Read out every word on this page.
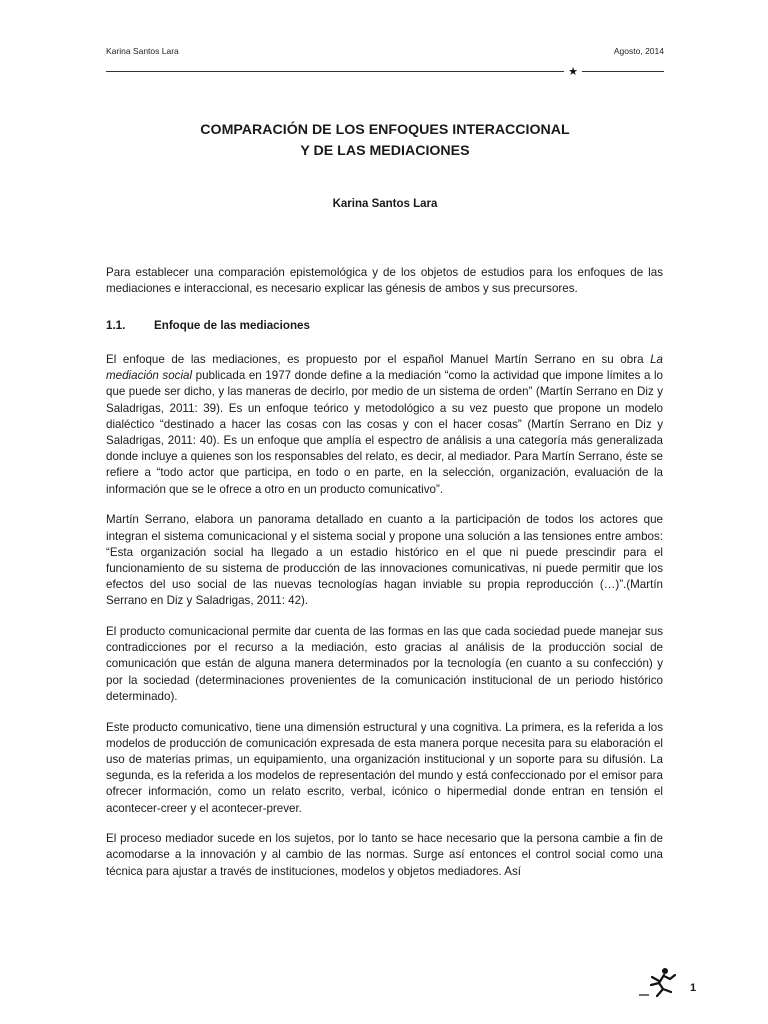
Karina Santos Lara	Agosto, 2014
★
COMPARACIÓN DE LOS ENFOQUES INTERACCIONAL
Y DE LAS MEDIACIONES
Karina Santos Lara
Para establecer una comparación epistemológica y de los objetos de estudios para los enfoques de las mediaciones e interaccional, es necesario explicar las génesis de ambos y sus precursores.
1.1. Enfoque de las mediaciones

El enfoque de las mediaciones, es propuesto por el español Manuel Martín Serrano en su obra La mediación social publicada en 1977 donde define a la mediación “como la actividad que impone límites a lo que puede ser dicho, y las maneras de decirlo, por medio de un sistema de orden” (Martín Serrano en Diz y Saladrigas, 2011: 39). Es un enfoque teórico y metodológico a su vez puesto que propone un modelo dialéctico “destinado a hacer las cosas con las cosas y con el hacer cosas” (Martín Serrano en Diz y Saladrigas, 2011: 40). Es un enfoque que amplía el espectro de análisis a una categoría más generalizada donde incluye a quienes son los responsables del relato, es decir, al mediador. Para Martín Serrano, éste se refiere a “todo actor que participa, en todo o en parte, en la selección, organización, evaluación de la información que se le ofrece a otro en un producto comunicativo”.

Martín Serrano, elabora un panorama detallado en cuanto a la participación de todos los actores que integran el sistema comunicacional y el sistema social y propone una solución a las tensiones entre ambos: “Esta organización social ha llegado a un estadio histórico en el que ni puede prescindir para el funcionamiento de su sistema de producción de las innovaciones comunicativas, ni puede permitir que los efectos del uso social de las nuevas tecnologías hagan inviable su propia reproducción (…)”.(Martín Serrano en Diz y Saladrigas, 2011: 42).

El producto comunicacional permite dar cuenta de las formas en las que cada sociedad puede manejar sus contradicciones por el recurso a la mediación, esto gracias al análisis de la producción social de comunicación que están de alguna manera determinados por la tecnología (en cuanto a su confección) y por la sociedad (determinaciones provenientes de la comunicación institucional de un periodo histórico determinado).

Este producto comunicativo, tiene una dimensión estructural y una cognitiva. La primera, es la referida a los modelos de producción de comunicación expresada de esta manera porque necesita para su elaboración el uso de materias primas, un equipamiento, una organización institucional y un soporte para su difusión. La segunda, es la referida a los modelos de representación del mundo y está confeccionado por el emisor para ofrecer información, como un relato escrito, verbal, icónico o hipermedial donde entran en tensión el acontecer-creer y el acontecer-prever.

El proceso mediador sucede en los sujetos, por lo tanto se hace necesario que la persona cambie a fin de acomodarse a la innovación y al cambio de las normas. Surge así entonces el control social como una técnica para ajustar a través de instituciones, modelos y objetos mediadores. Así

1
